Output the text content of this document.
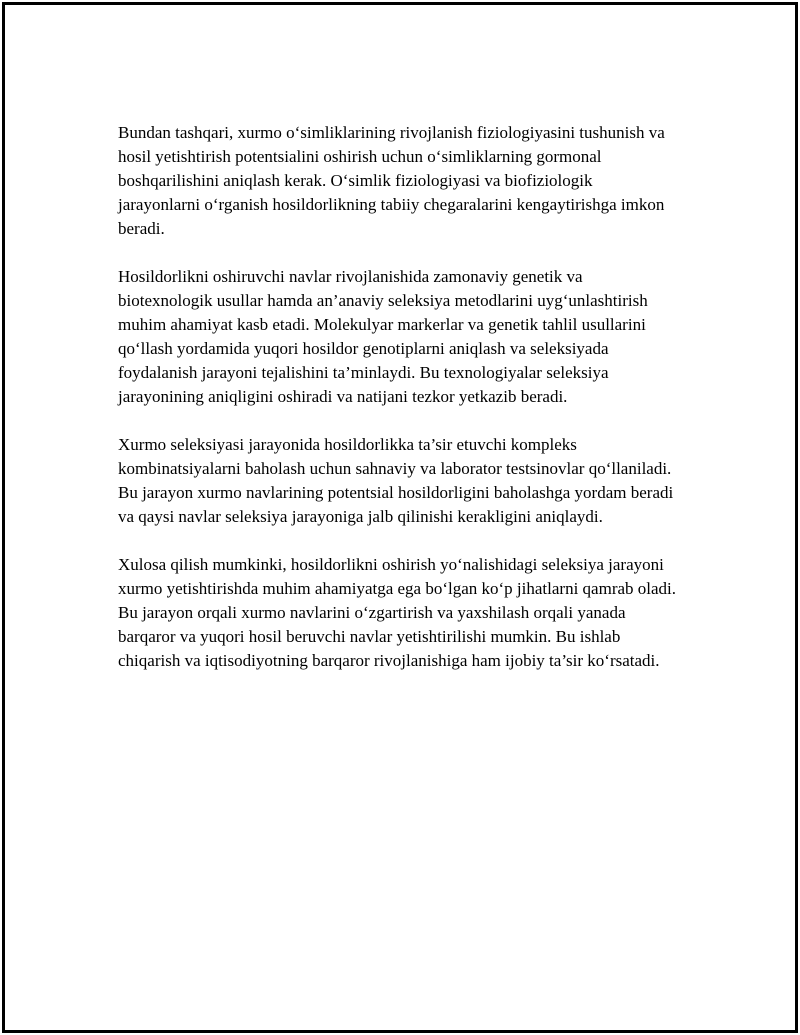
Bundan tashqari, xurmo o‘simliklarining rivojlanish fiziologiyasini tushunish va hosil yetishtirish potentsialini oshirish uchun o‘simliklarning gormonal boshqarilishini aniqlash kerak. O‘simlik fiziologiyasi va biofiziologik jarayonlarni o‘rganish hosildorlikning tabiiy chegaralarini kengaytirishga imkon beradi.

Hosildorlikni oshiruvchi navlar rivojlanishida zamonaviy genetik va biotexnologik usullar hamda an’anaviy seleksiya metodlarini uyg‘unlashtirish muhim ahamiyat kasb etadi. Molekulyar markerlar va genetik tahlil usullarini qo‘llash yordamida yuqori hosildor genotiplarni aniqlash va seleksiyada foydalanish jarayoni tejalishini ta’minlaydi. Bu texnologiyalar seleksiya jarayonining aniqligini oshiradi va natijani tezkor yetkazib beradi.

Xurmo seleksiyasi jarayonida hosildorlikka ta’sir etuvchi kompleks kombinatsiyalarni baholash uchun sahnaviy va laborator testsinovlar qo‘llaniladi. Bu jarayon xurmo navlarining potentsial hosildorligini baholashga yordam beradi va qaysi navlar seleksiya jarayoniga jalb qilinishi kerakligini aniqlaydi.

Xulosa qilish mumkinki, hosildorlikni oshirish yo‘nalishidagi seleksiya jarayoni xurmo yetishtirishda muhim ahamiyatga ega bo‘lgan ko‘p jihatlarni qamrab oladi. Bu jarayon orqali xurmo navlarini o‘zgartirish va yaxshilash orqali yanada barqaror va yuqori hosil beruvchi navlar yetishtirilishi mumkin. Bu ishlab chiqarish va iqtisodiyotning barqaror rivojlanishiga ham ijobiy ta’sir ko‘rsatadi.
